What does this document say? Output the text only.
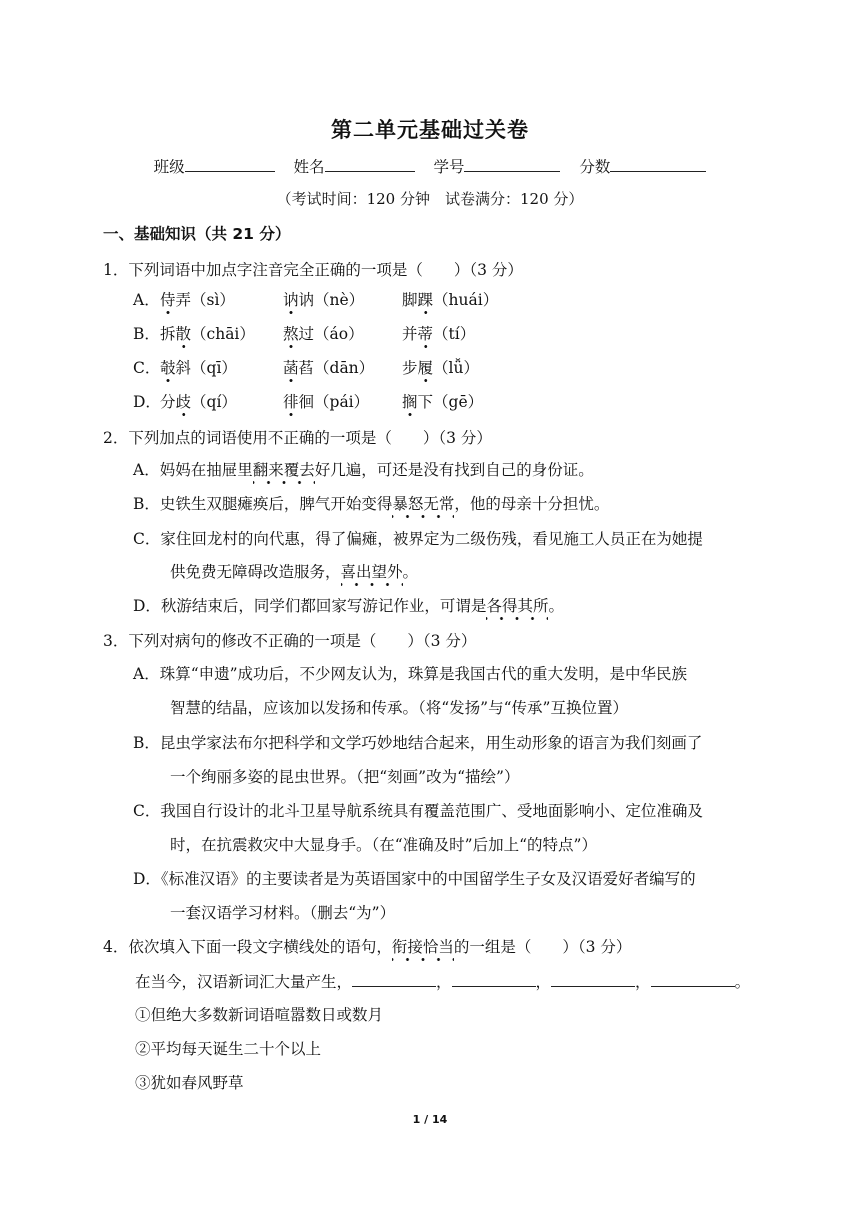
第二单元基础过关卷
班级	姓名	学号	分数
（考试时间：120 分钟　试卷满分：120 分）
一、基础知识（共 21 分）
1．下列词语中加点字注音完全正确的一项是（　　）（3 分）
A． 侍弄（sì）	讷讷（nè） 脚踝（huái）
B． 拆散（chāi） 熬过（áo） 并蒂（tí）
C． 攲斜（qī）	菡萏（dān） 步履（lǚ）
D． 分歧（qí）	徘徊（pái） 搁下（gē）
2．下列加点的词语使用不正确的一项是（　　）（3 分）
A．妈妈在抽屉里翻来覆去好几遍，可还是没有找到自己的身份证。
B．史铁生双腿瘫痪后，脾气开始变得暴怒无常，他的母亲十分担忧。
C．家住回龙村的向代惠，得了偏瘫，被界定为二级伤残，看见施工人员正在为她提
供免费无障碍改造服务，喜出望外。
D．秋游结束后，同学们都回家写游记作业，可谓是各得其所。
3．下列对病句的修改不正确的一项是（　　）（3 分）
A．珠算“申遗”成功后，不少网友认为，珠算是我国古代的重大发明，是中华民族
智慧的结晶，应该加以发扬和传承。（将“发扬”与“传承”互换位置）
B．昆虫学家法布尔把科学和文学巧妙地结合起来，用生动形象的语言为我们刻画了
一个绚丽多姿的昆虫世界。（把“刻画”改为“描绘”）
C．我国自行设计的北斗卫星导航系统具有覆盖范围广、受地面影响小、定位准确及
时，在抗震救灾中大显身手。（在“准确及时”后加上“的特点”）
D．《标准汉语》的主要读者是为英语国家中的中国留学生子女及汉语爱好者编写的
一套汉语学习材料。（删去“为”）
4．依次填入下面一段文字横线处的语句，衔接恰当的一组是（　　）（3 分）
在当今，汉语新词汇大量产生，	，	，	，	。
①但绝大多数新词语喧嚣数日或数月
②平均每天诞生二十个以上
③犹如春风野草
1 / 14
